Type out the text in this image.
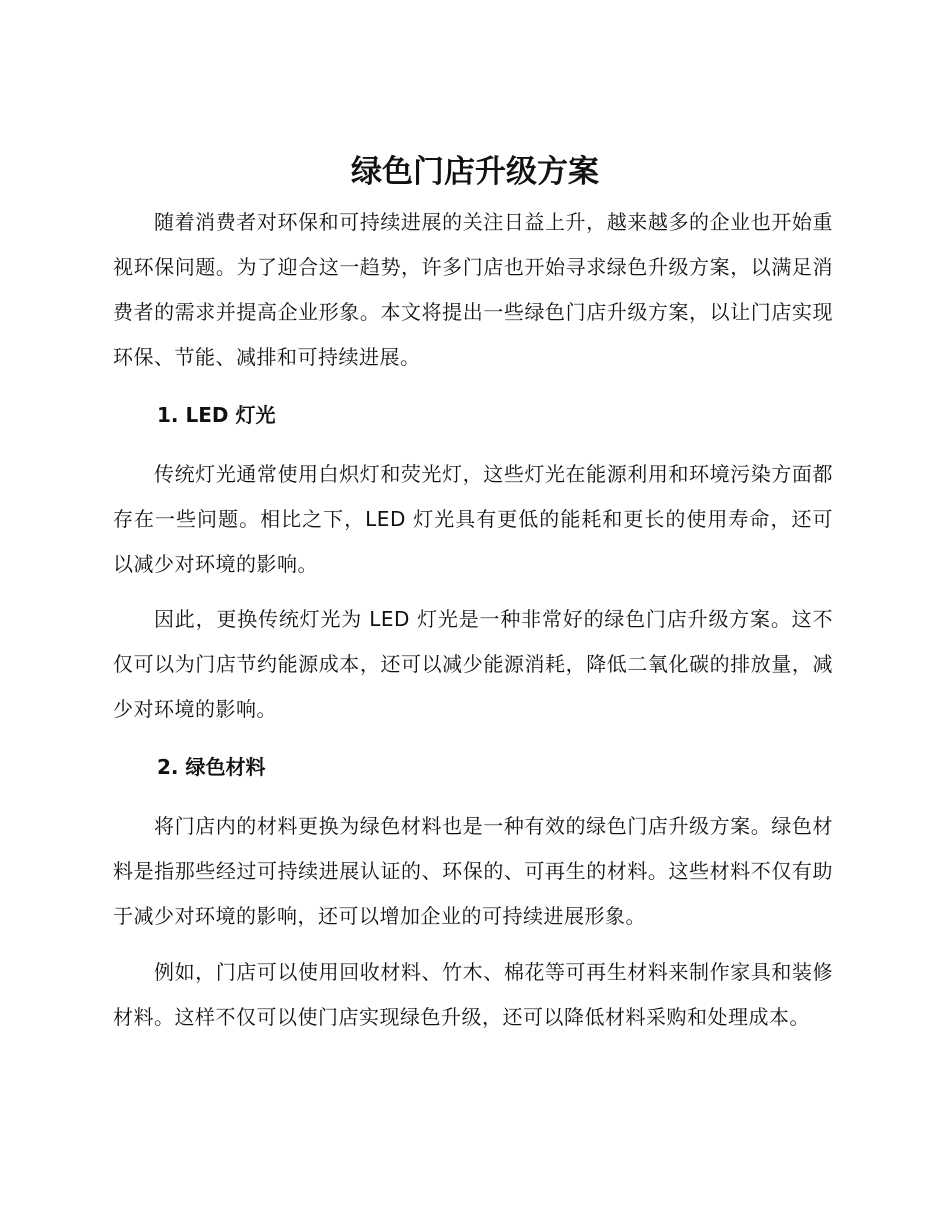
绿色门店升级方案

随着消费者对环保和可持续进展的关注日益上升，越来越多的企业也开始重视环保问题。为了迎合这一趋势，许多门店也开始寻求绿色升级方案，以满足消费者的需求并提高企业形象。本文将提出一些绿色门店升级方案，以让门店实现环保、节能、减排和可持续进展。

1. LED 灯光

传统灯光通常使用白炽灯和荧光灯，这些灯光在能源利用和环境污染方面都存在一些问题。相比之下，LED 灯光具有更低的能耗和更长的使用寿命，还可以减少对环境的影响。

因此，更换传统灯光为 LED 灯光是一种非常好的绿色门店升级方案。这不仅可以为门店节约能源成本，还可以减少能源消耗，降低二氧化碳的排放量，减少对环境的影响。

2. 绿色材料

将门店内的材料更换为绿色材料也是一种有效的绿色门店升级方案。绿色材料是指那些经过可持续进展认证的、环保的、可再生的材料。这些材料不仅有助于减少对环境的影响，还可以增加企业的可持续进展形象。

例如，门店可以使用回收材料、竹木、棉花等可再生材料来制作家具和装修材料。这样不仅可以使门店实现绿色升级，还可以降低材料采购和处理成本。
